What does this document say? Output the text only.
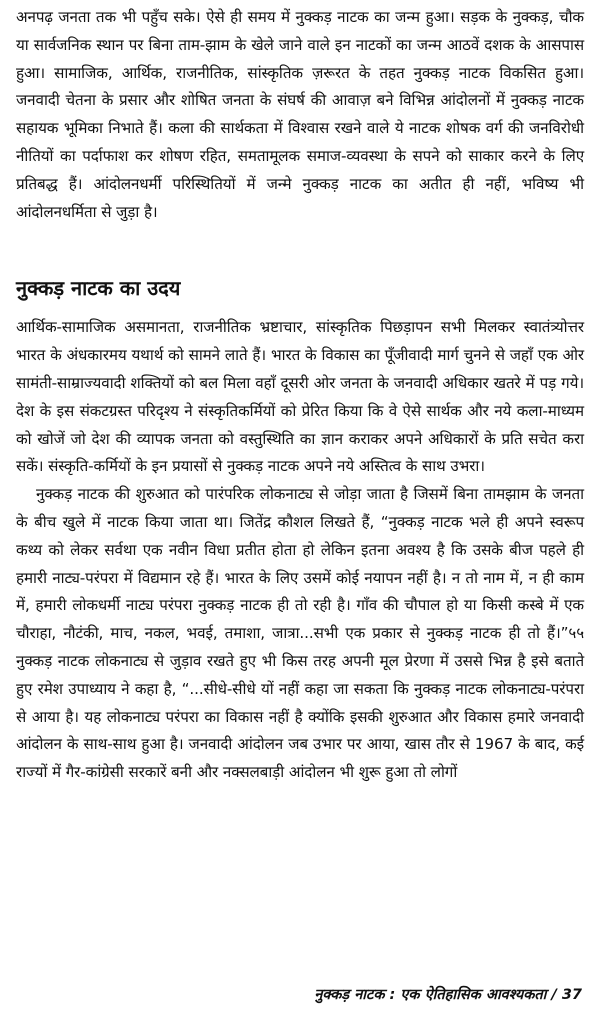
अनपढ़ जनता तक भी पहुँच सके। ऐसे ही समय में नुक्कड़ नाटक का जन्म हुआ। सड़क के नुक्कड़, चौक या सार्वजनिक स्थान पर बिना ताम-झाम के खेले जाने वाले इन नाटकों का जन्म आठवें दशक के आसपास हुआ। सामाजिक, आर्थिक, राजनीतिक, सांस्कृतिक ज़रूरत के तहत नुक्कड़ नाटक विकसित हुआ। जनवादी चेतना के प्रसार और शोषित जनता के संघर्ष की आवाज़ बने विभिन्न आंदोलनों में नुक्कड़ नाटक सहायक भूमिका निभाते हैं। कला की सार्थकता में विश्वास रखने वाले ये नाटक शोषक वर्ग की जनविरोधी नीतियों का पर्दाफाश कर शोषण रहित, समतामूलक समाज-व्यवस्था के सपने को साकार करने के लिए प्रतिबद्ध हैं। आंदोलनधर्मी परिस्थितियों में जन्मे नुक्कड़ नाटक का अतीत ही नहीं, भविष्य भी आंदोलनधर्मिता से जुड़ा है।

नुक्कड़ नाटक का उदय

आर्थिक-सामाजिक असमानता, राजनीतिक भ्रष्टाचार, सांस्कृतिक पिछड़ापन सभी मिलकर स्वातंत्र्योत्तर भारत के अंधकारमय यथार्थ को सामने लाते हैं। भारत के विकास का पूँजीवादी मार्ग चुनने से जहाँ एक ओर सामंती-साम्राज्यवादी शक्तियों को बल मिला वहाँ दूसरी ओर जनता के जनवादी अधिकार खतरे में पड़ गये। देश के इस संकटग्रस्त परिदृश्य ने संस्कृतिकर्मियों को प्रेरित किया कि वे ऐसे सार्थक और नये कला-माध्यम को खोजें जो देश की व्यापक जनता को वस्तुस्थिति का ज्ञान कराकर अपने अधिकारों के प्रति सचेत करा सकें। संस्कृति-कर्मियों के इन प्रयासों से नुक्कड़ नाटक अपने नये अस्तित्व के साथ उभरा।

नुक्कड़ नाटक की शुरुआत को पारंपरिक लोकनाट्य से जोड़ा जाता है जिसमें बिना तामझाम के जनता के बीच खुले में नाटक किया जाता था। जितेंद्र कौशल लिखते हैं, “नुक्कड़ नाटक भले ही अपने स्वरूप कथ्य को लेकर सर्वथा एक नवीन विधा प्रतीत होता हो लेकिन इतना अवश्य है कि उसके बीज पहले ही हमारी नाट्य-परंपरा में विद्यमान रहे हैं। भारत के लिए उसमें कोई नयापन नहीं है। न तो नाम में, न ही काम में, हमारी लोकधर्मी नाट्य परंपरा नुक्कड़ नाटक ही तो रही है। गाँव की चौपाल हो या किसी कस्बे में एक चौराहा, नौटंकी, माच, नकल, भवई, तमाशा, जात्रा...सभी एक प्रकार से नुक्कड़ नाटक ही तो हैं।”५५ नुक्कड़ नाटक लोकनाट्य से जुड़ाव रखते हुए भी किस तरह अपनी मूल प्रेरणा में उससे भिन्न है इसे बताते हुए रमेश उपाध्याय ने कहा है, “...सीधे-सीधे यों नहीं कहा जा सकता कि नुक्कड़ नाटक लोकनाट्य-परंपरा से आया है। यह लोकनाट्य परंपरा का विकास नहीं है क्योंकि इसकी शुरुआत और विकास हमारे जनवादी आंदोलन के साथ-साथ हुआ है। जनवादी आंदोलन जब उभार पर आया, खास तौर से 1967 के बाद, कई राज्यों में गैर-कांग्रेसी सरकारें बनी और नक्सलबाड़ी आंदोलन भी शुरू हुआ तो लोगों

नुक्कड़ नाटक : एक ऐतिहासिक आवश्यकता / 37
